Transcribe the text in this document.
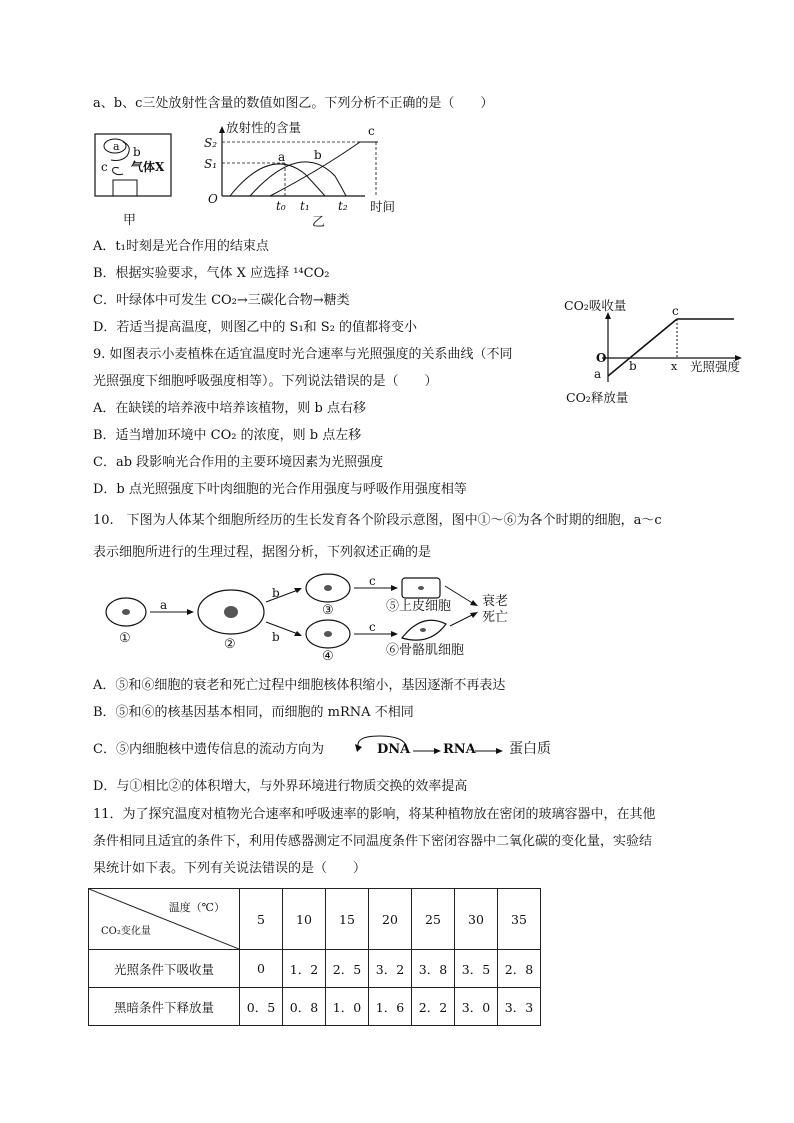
a、b、c三处放射性含量的数值如图乙。下列分析不正确的是（　　）
a b
c 气体X
甲
放射性的含量
S₂
S₁
O
a b
c
t₀ t₁ t₂ 时间
乙
A．t₁时刻是光合作用的结束点
B．根据实验要求，气体 X 应选择 ¹⁴CO₂
C．叶绿体中可发生 CO₂→三碳化合物→糖类
D．若适当提高温度，则图乙中的 S₁和 S₂ 的值都将变小
CO₂吸收量
O
a
b
c
x 光照强度
CO₂释放量
9. 如图表示小麦植株在适宜温度时光合速率与光照强度的关系曲线（不同
光照强度下细胞呼吸强度相等）。下列说法错误的是（　　）
A．在缺镁的培养液中培养该植物，则 b 点右移
B．适当增加环境中 CO₂ 的浓度，则 b 点左移
C．ab 段影响光合作用的主要环境因素为光照强度
D．b 点光照强度下叶肉细胞的光合作用强度与呼吸作用强度相等
10.　下图为人体某个细胞所经历的生长发育各个阶段示意图，图中①～⑥为各个时期的细胞，a～c
表示细胞所进行的生理过程，据图分析，下列叙述正确的是
①
a
②
b
b
③
④
c
c
⑤上皮细胞
⑥骨骼肌细胞
衰老
死亡
A．⑤和⑥细胞的衰老和死亡过程中细胞核体积缩小，基因逐渐不再表达
B．⑤和⑥的核基因基本相同，而细胞的 mRNA 不相同
C．⑤内细胞核中遗传信息的流动方向为	DNA	RNA 蛋白质
D．与①相比②的体积增大，与外界环境进行物质交换的效率提高
11．为了探究温度对植物光合速率和呼吸速率的影响，将某种植物放在密闭的玻璃容器中，在其他
条件相同且适宜的条件下，利用传感器测定不同温度条件下密闭容器中二氧化碳的变化量，实验结
果统计如下表。下列有关说法错误的是（　　）
温度（℃）
CO₂变化量	5	10	15	20	25	30	35
光照条件下吸收量	0	1．2	2．5	3．2	3．8	3．5	2．8
黑暗条件下释放量	0．5	0．8	1．0	1．6	2．2	3．0	3．3
